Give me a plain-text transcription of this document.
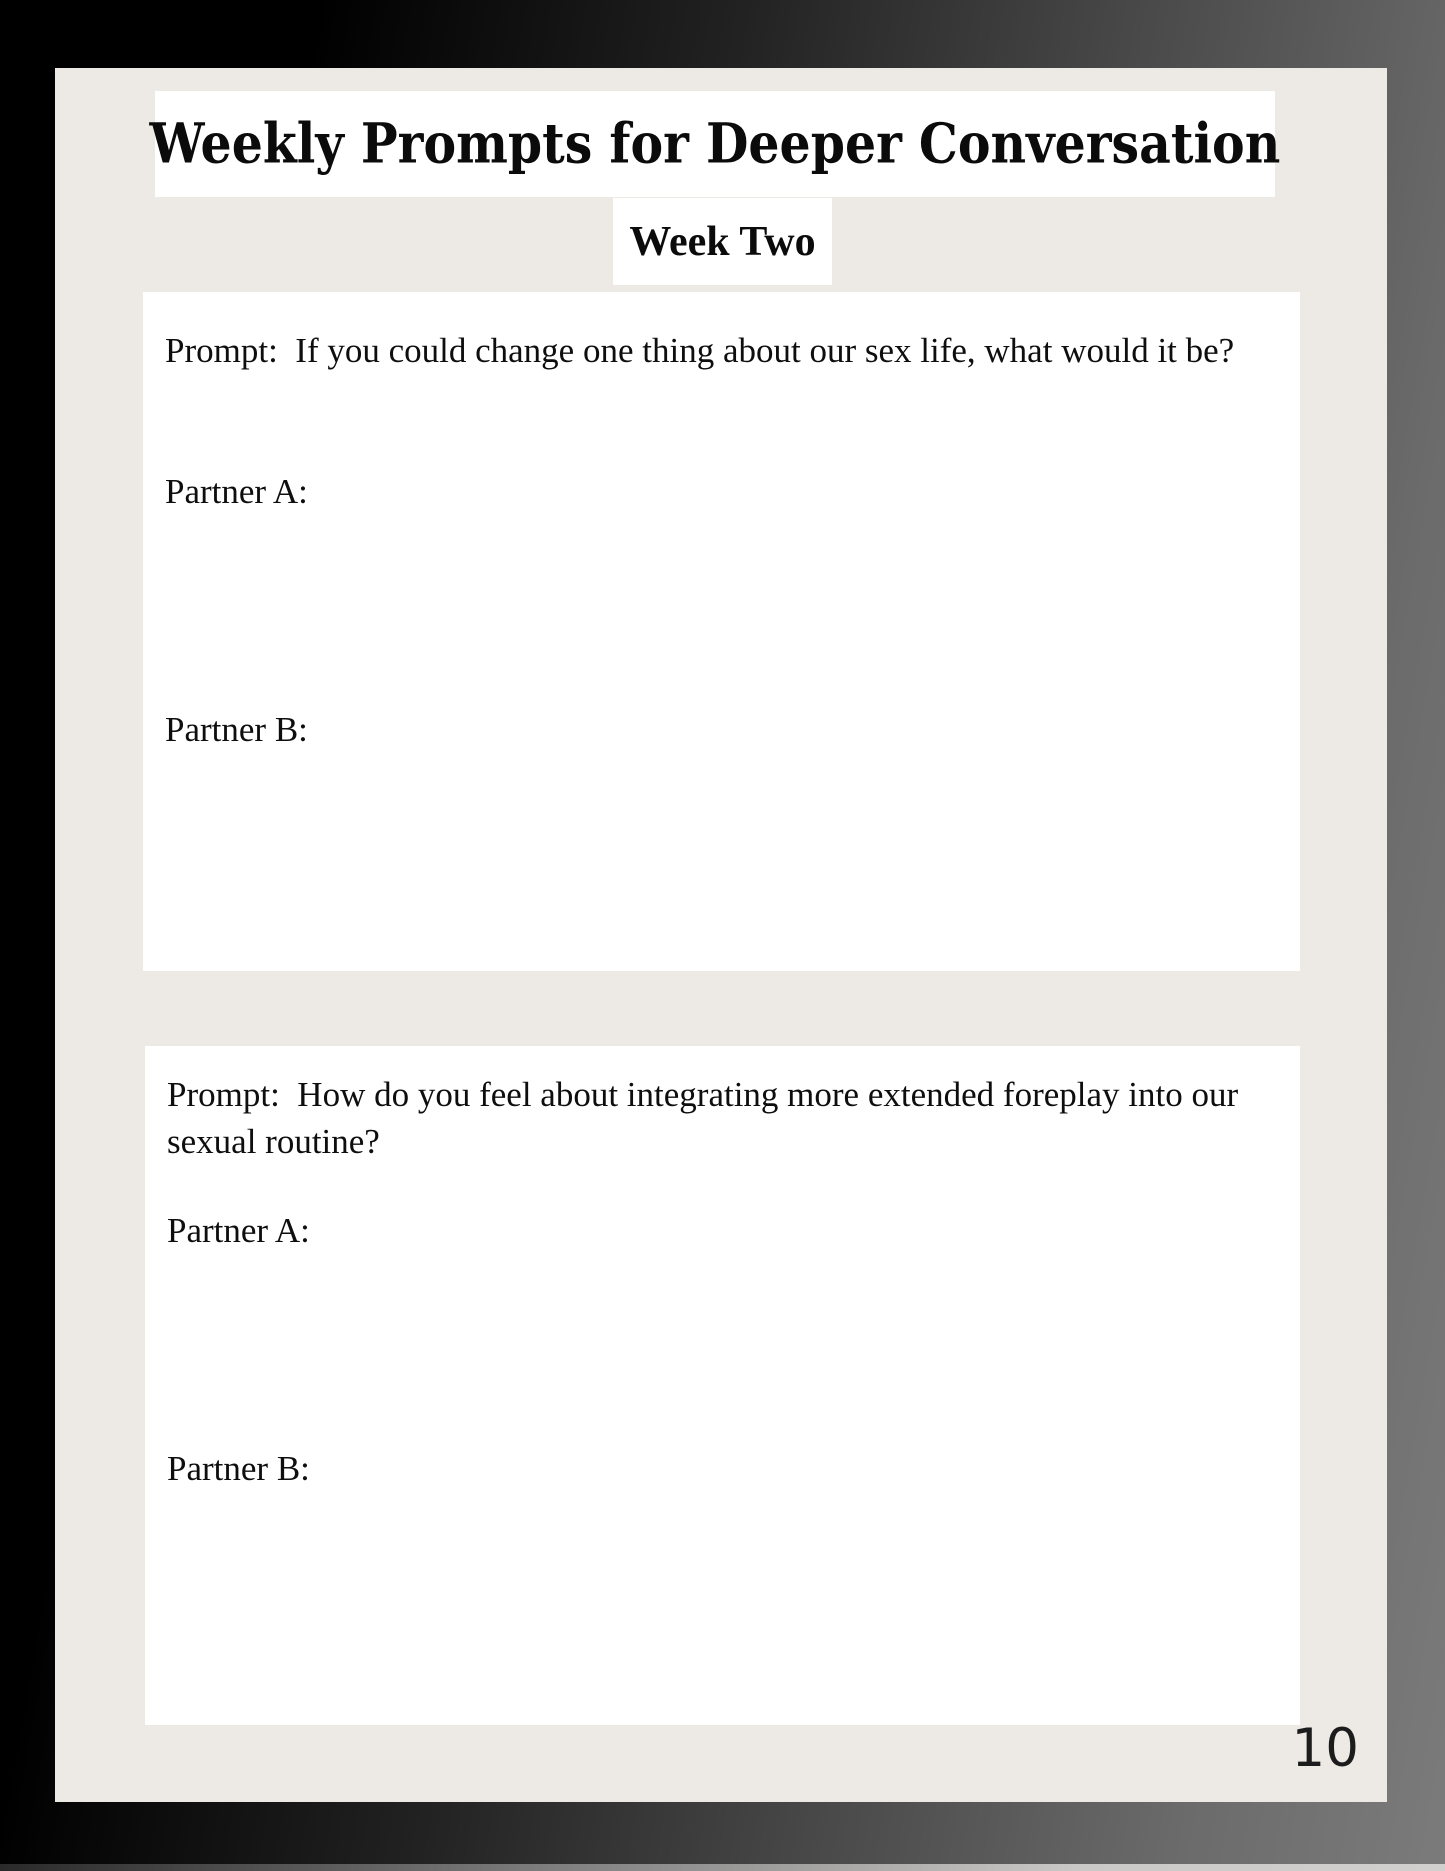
Weekly Prompts for Deeper Conversation
Week Two
Prompt:  If you could change one thing about our sex life, what would it be?
Partner A:
Partner B:
Prompt:  How do you feel about integrating more extended foreplay into our sexual routine?
Partner A:
Partner B:
10
